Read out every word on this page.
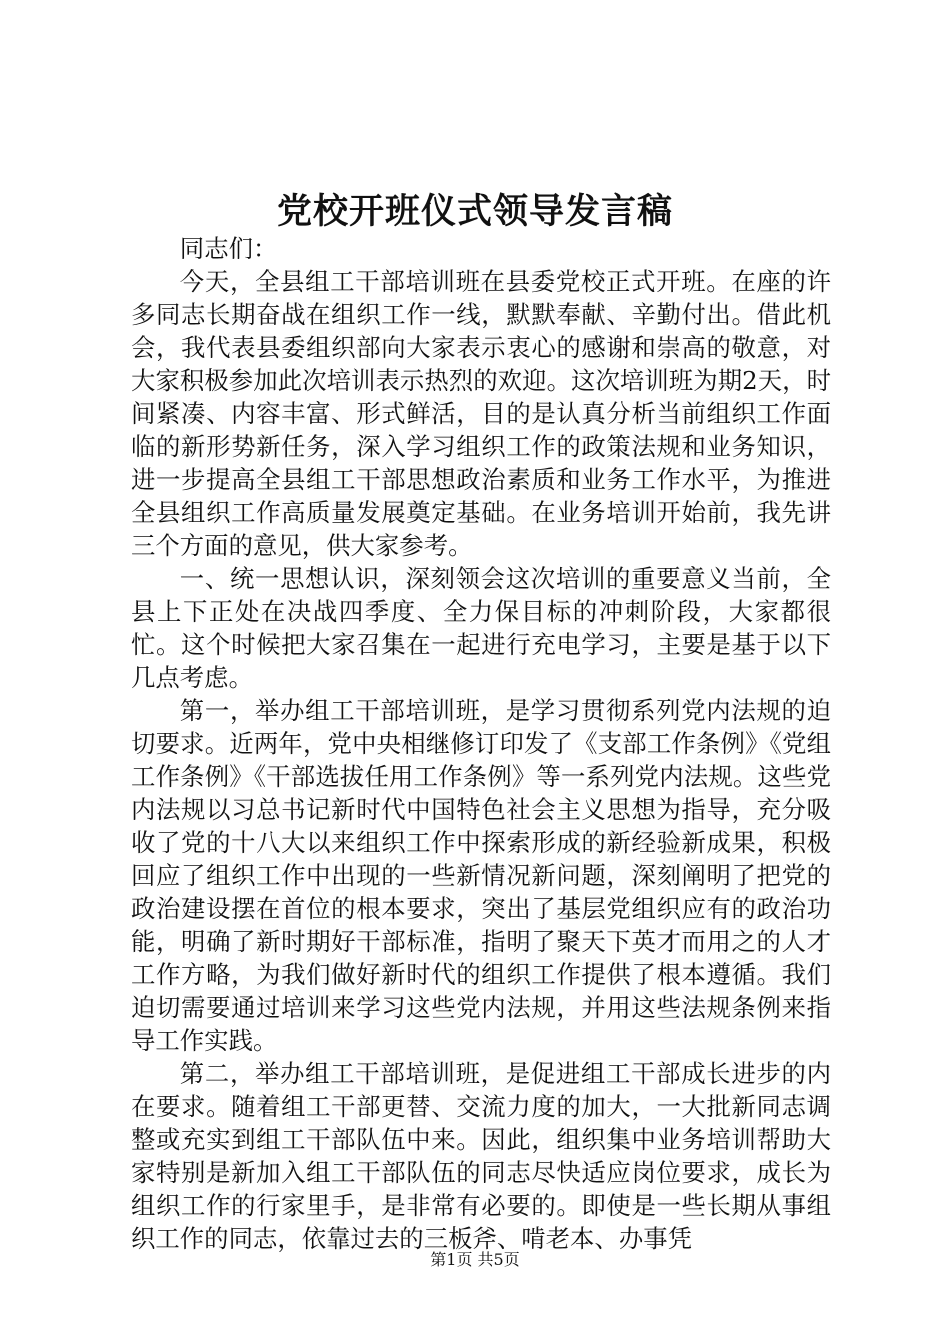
党校开班仪式领导发言稿

同志们：

今天，全县组工干部培训班在县委党校正式开班。在座的许多同志长期奋战在组织工作一线，默默奉献、辛勤付出。借此机会，我代表县委组织部向大家表示衷心的感谢和崇高的敬意，对大家积极参加此次培训表示热烈的欢迎。这次培训班为期2天，时间紧凑、内容丰富、形式鲜活，目的是认真分析当前组织工作面临的新形势新任务，深入学习组织工作的政策法规和业务知识，进一步提高全县组工干部思想政治素质和业务工作水平，为推进全县组织工作高质量发展奠定基础。在业务培训开始前，我先讲三个方面的意见，供大家参考。

一、统一思想认识，深刻领会这次培训的重要意义当前，全县上下正处在决战四季度、全力保目标的冲刺阶段，大家都很忙。这个时候把大家召集在一起进行充电学习，主要是基于以下几点考虑。

第一，举办组工干部培训班，是学习贯彻系列党内法规的迫切要求。近两年，党中央相继修订印发了《支部工作条例》《党组工作条例》《干部选拔任用工作条例》等一系列党内法规。这些党内法规以习总书记新时代中国特色社会主义思想为指导，充分吸收了党的十八大以来组织工作中探索形成的新经验新成果，积极回应了组织工作中出现的一些新情况新问题，深刻阐明了把党的政治建设摆在首位的根本要求，突出了基层党组织应有的政治功能，明确了新时期好干部标准，指明了聚天下英才而用之的人才工作方略，为我们做好新时代的组织工作提供了根本遵循。我们迫切需要通过培训来学习这些党内法规，并用这些法规条例来指导工作实践。

第二，举办组工干部培训班，是促进组工干部成长进步的内在要求。随着组工干部更替、交流力度的加大，一大批新同志调整或充实到组工干部队伍中来。因此，组织集中业务培训帮助大家特别是新加入组工干部队伍的同志尽快适应岗位要求，成长为组织工作的行家里手，是非常有必要的。即使是一些长期从事组织工作的同志，依靠过去的三板斧、啃老本、办事凭

第1页 共5页
